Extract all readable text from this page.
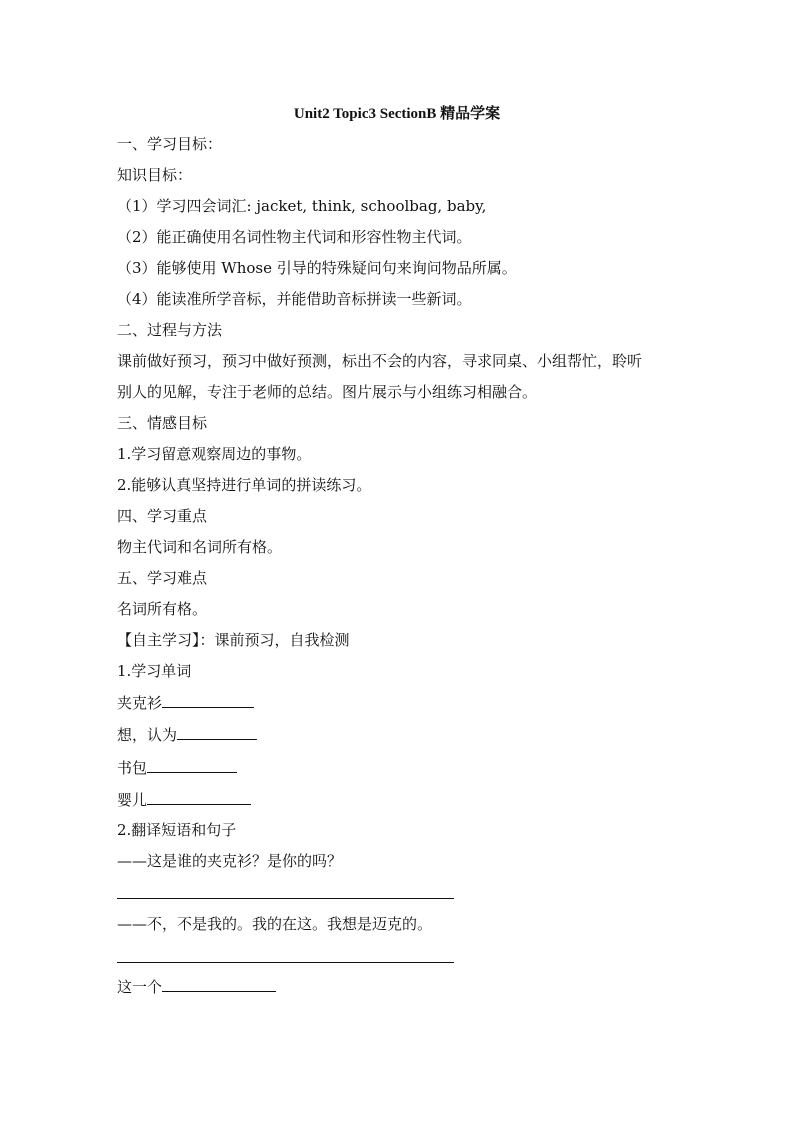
Unit2 Topic3 SectionB 精品学案
一、学习目标：
知识目标：
（1）学习四会词汇: jacket, think, schoolbag, baby,
（2）能正确使用名词性物主代词和形容性物主代词。
（3）能够使用 Whose 引导的特殊疑问句来询问物品所属。
（4）能读准所学音标，并能借助音标拼读一些新词。
二、过程与方法
课前做好预习，预习中做好预测，标出不会的内容，寻求同桌、小组帮忙，聆听
别人的见解，专注于老师的总结。图片展示与小组练习相融合。
三、情感目标
1.学习留意观察周边的事物。
2.能够认真坚持进行单词的拼读练习。
四、学习重点
物主代词和名词所有格。
五、学习难点
名词所有格。
【自主学习】：课前预习，自我检测
1.学习单词
夹克衫
想，认为
书包
婴儿
2.翻译短语和句子
——这是谁的夹克衫？是你的吗？
——不，不是我的。我的在这。我想是迈克的。
这一个
